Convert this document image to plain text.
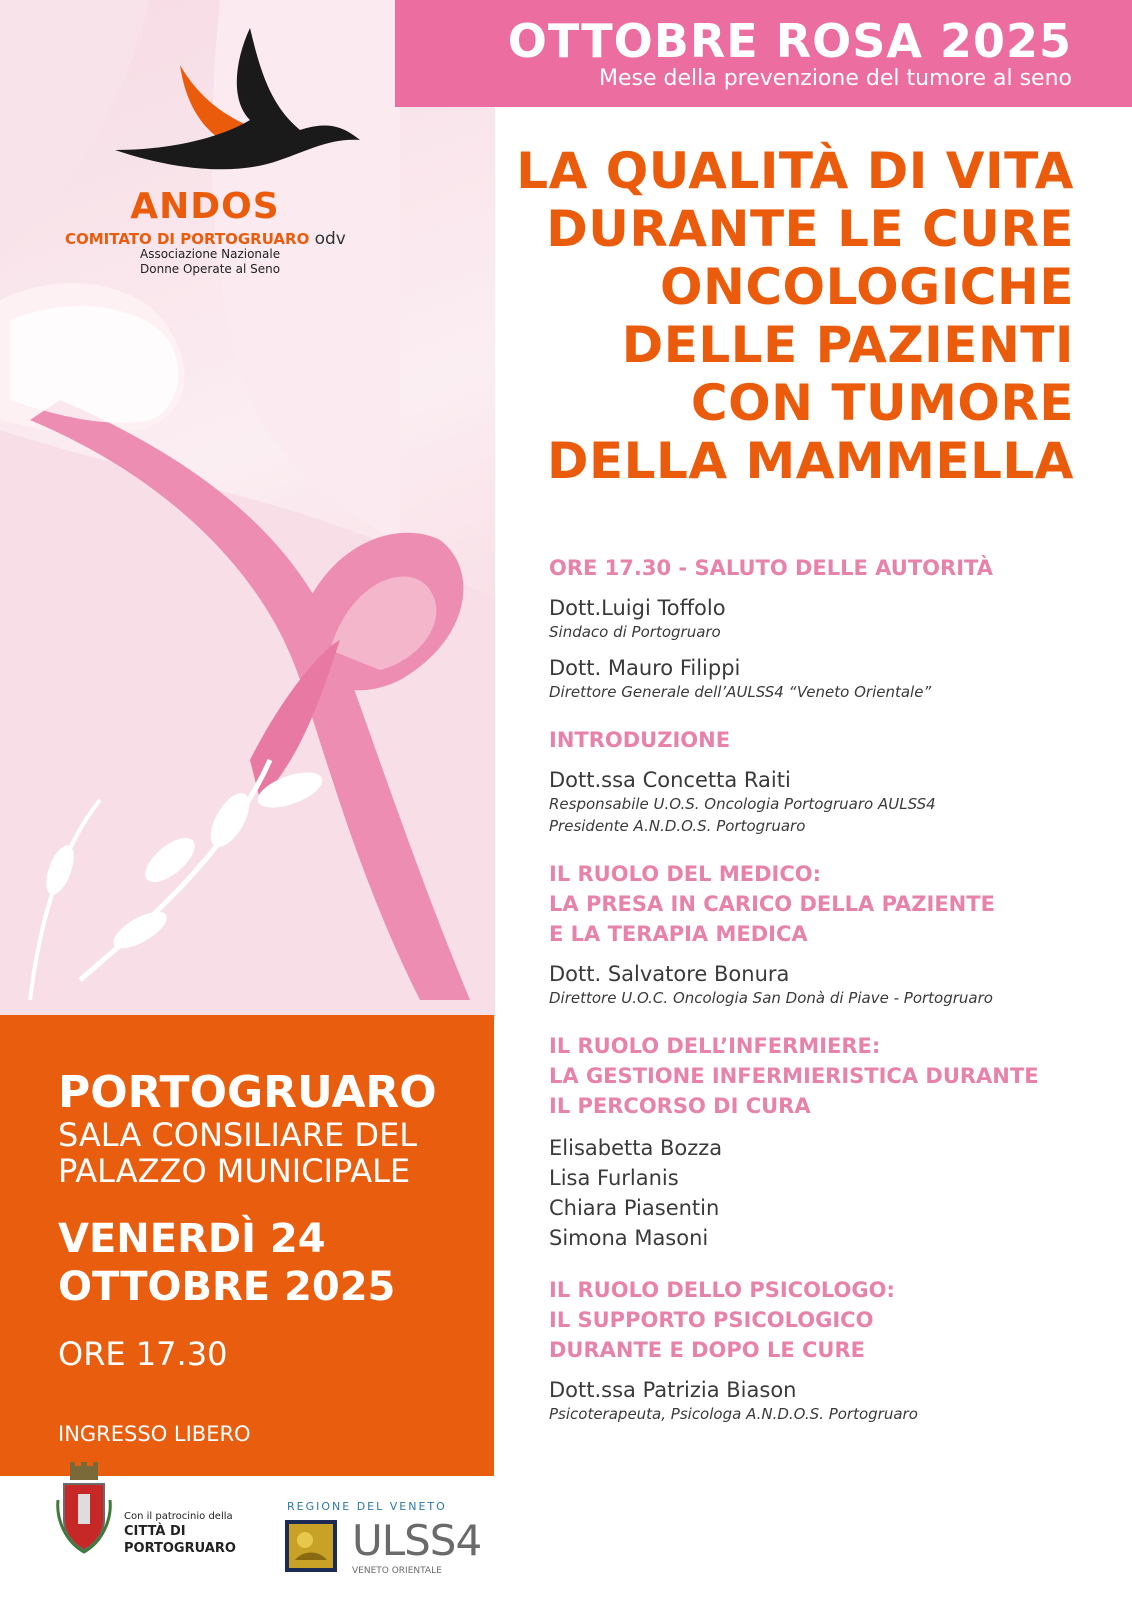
ANDOS
COMITATO DI PORTOGRUARO odv
Associazione Nazionale
Donne Operate al Seno
OTTOBRE ROSA 2025
Mese della prevenzione del tumore al seno
LA QUALITÀ DI VITA
DURANTE LE CURE
ONCOLOGICHE
DELLE PAZIENTI
CON TUMORE
DELLA MAMMELLA
ORE 17.30 - SALUTO DELLE AUTORITÀ
Dott.Luigi Toffolo
Sindaco di Portogruaro
Dott. Mauro Filippi
Direttore Generale dell’AULSS4 “Veneto Orientale”
INTRODUZIONE
Dott.ssa Concetta Raiti
Responsabile U.O.S. Oncologia Portogruaro AULSS4
Presidente A.N.D.O.S. Portogruaro
IL RUOLO DEL MEDICO:
LA PRESA IN CARICO DELLA PAZIENTE
E LA TERAPIA MEDICA
Dott. Salvatore Bonura
Direttore U.O.C. Oncologia San Donà di Piave - Portogruaro
IL RUOLO DELL’INFERMIERE:
LA GESTIONE INFERMIERISTICA DURANTE
IL PERCORSO DI CURA
Elisabetta Bozza
Lisa Furlanis
Chiara Piasentin
Simona Masoni
IL RUOLO DELLO PSICOLOGO:
IL SUPPORTO PSICOLOGICO
DURANTE E DOPO LE CURE
Dott.ssa Patrizia Biason
Psicoterapeuta, Psicologa A.N.D.O.S. Portogruaro
PORTOGRUARO
SALA CONSILIARE DEL
PALAZZO MUNICIPALE
VENERDÌ 24
OTTOBRE 2025
ORE 17.30
INGRESSO LIBERO
Con il patrocinio della
CITTÀ DI
PORTOGRUARO
REGIONE DEL VENETO
ULSS4
VENETO ORIENTALE
